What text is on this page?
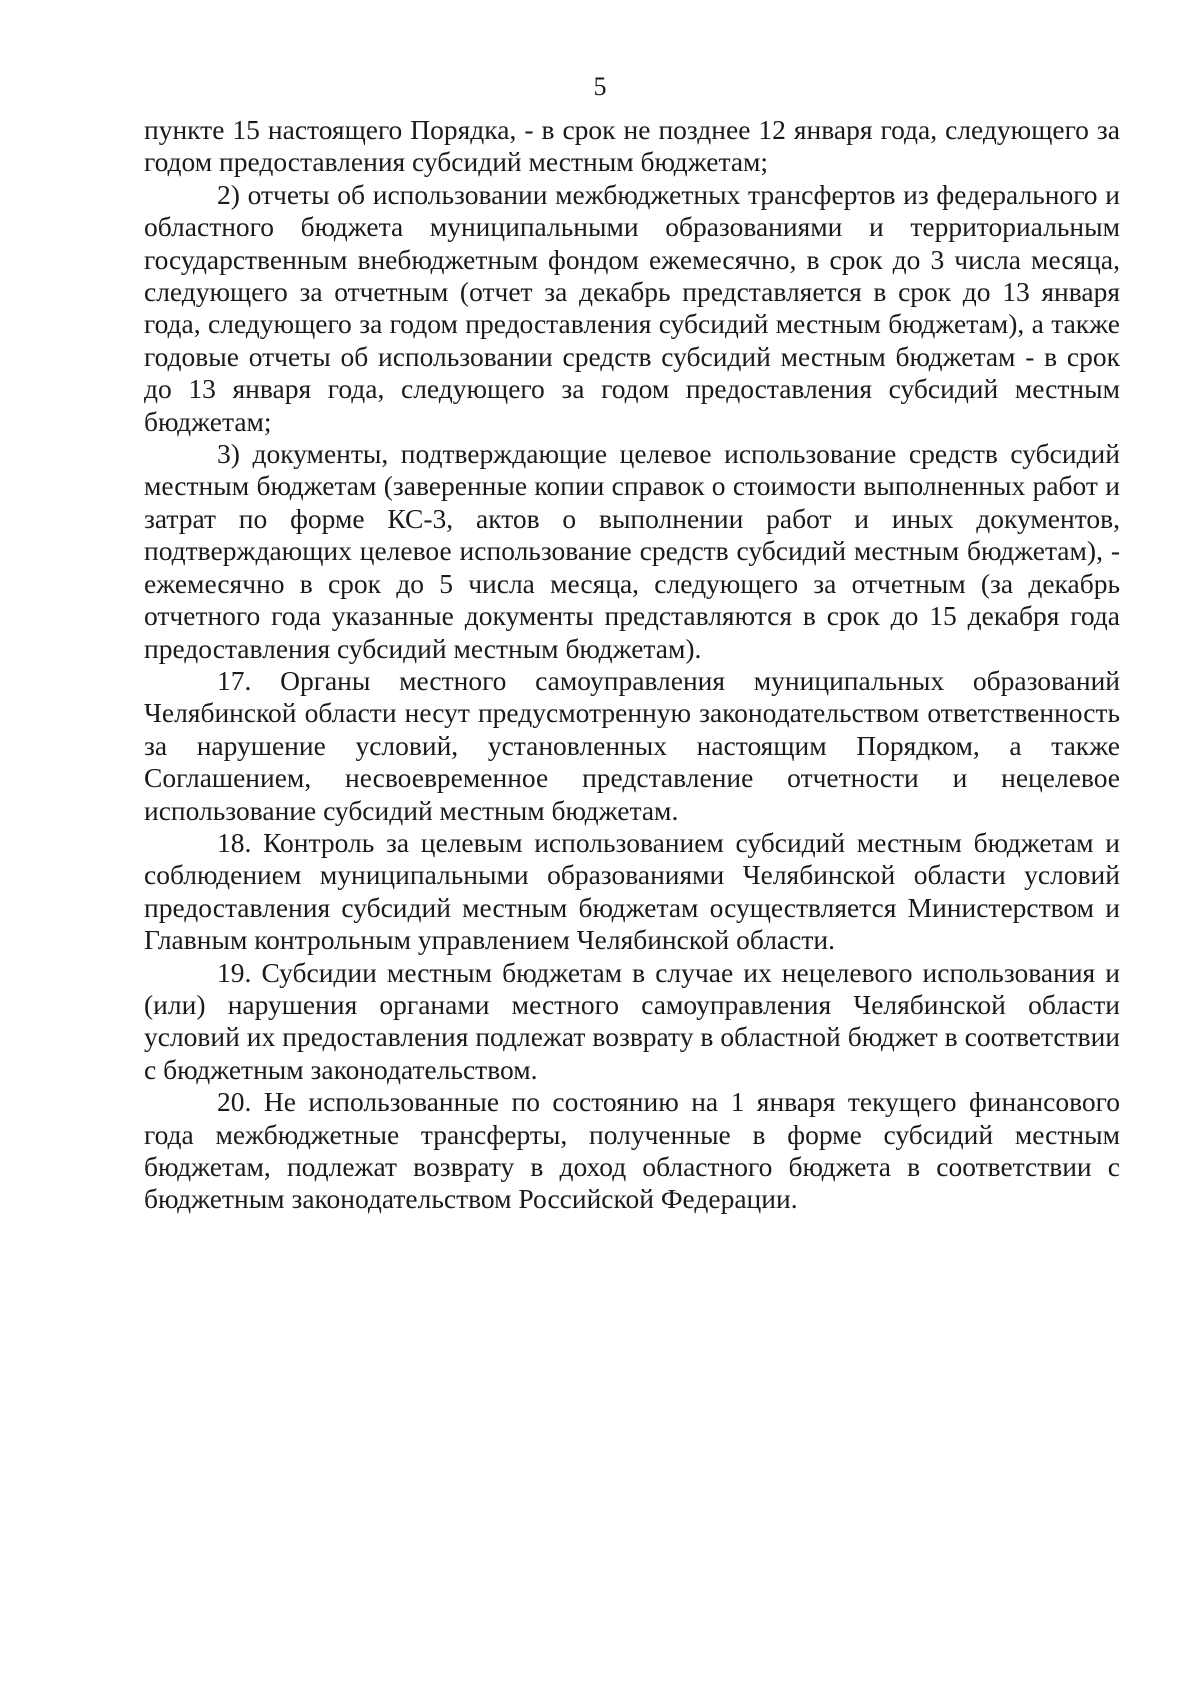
5

пункте 15 настоящего Порядка, - в срок не позднее 12 января года, следующего за годом предоставления субсидий местным бюджетам;

2) отчеты об использовании межбюджетных трансфертов из федерального и областного бюджета муниципальными образованиями и территориальным государственным внебюджетным фондом ежемесячно, в срок до 3 числа месяца, следующего за отчетным (отчет за декабрь представляется в срок до 13 января года, следующего за годом предоставления субсидий местным бюджетам), а также годовые отчеты об использовании средств субсидий местным бюджетам - в срок до 13 января года, следующего за годом предоставления субсидий местным бюджетам;

3) документы, подтверждающие целевое использование средств субсидий местным бюджетам (заверенные копии справок о стоимости выполненных работ и затрат по форме КС-3, актов о выполнении работ и иных документов, подтверждающих целевое использование средств субсидий местным бюджетам), - ежемесячно в срок до 5 числа месяца, следующего за отчетным (за декабрь отчетного года указанные документы представляются в срок до 15 декабря года предоставления субсидий местным бюджетам).

17. Органы местного самоуправления муниципальных образований Челябинской области несут предусмотренную законодательством ответственность за нарушение условий, установленных настоящим Порядком, а также Соглашением, несвоевременное представление отчетности и нецелевое использование субсидий местным бюджетам.

18. Контроль за целевым использованием субсидий местным бюджетам и соблюдением муниципальными образованиями Челябинской области условий предоставления субсидий местным бюджетам осуществляется Министерством и Главным контрольным управлением Челябинской области.

19. Субсидии местным бюджетам в случае их нецелевого использования и (или) нарушения органами местного самоуправления Челябинской области условий их предоставления подлежат возврату в областной бюджет в соответствии с бюджетным законодательством.

20. Не использованные по состоянию на 1 января текущего финансового года межбюджетные трансферты, полученные в форме субсидий местным бюджетам, подлежат возврату в доход областного бюджета в соответствии с бюджетным законодательством Российской Федерации.
